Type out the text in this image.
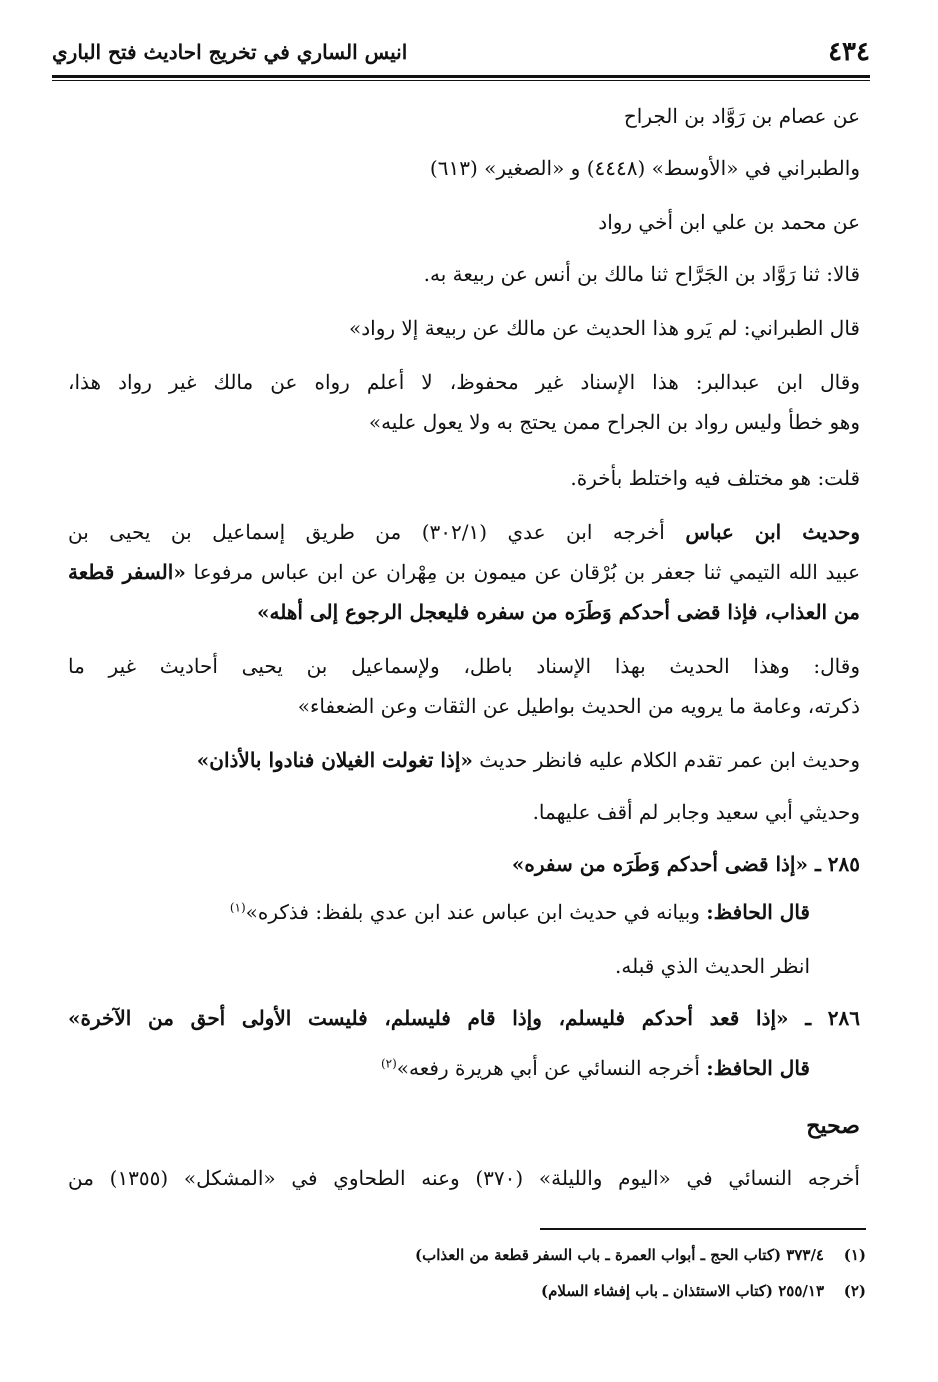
انيس الساري في تخريج احاديث فتح الباري	٤٣٤
عن عصام بن رَوَّاد بن الجراح
والطبراني في «الأوسط» (٤٤٤٨) و «الصغير» (٦١٣)
عن محمد بن علي ابن أخي رواد
قالا: ثنا رَوَّاد بن الجَرَّاح ثنا مالك بن أنس عن ربيعة به.
قال الطبراني: لم يَرو هذا الحديث عن مالك عن ربيعة إلا رواد»
وقال ابن عبدالبر: هذا الإسناد غير محفوظ، لا أعلم رواه عن مالك غير رواد هذا،
وهو خطأ وليس رواد بن الجراح ممن يحتج به ولا يعول عليه»
قلت: هو مختلف فيه واختلط بأخرة.
وحديث ابن عباس أخرجه ابن عدي (٣٠٢/١) من طريق إسماعيل بن يحيى بن
عبيد الله التيمي ثنا جعفر بن بُرْقان عن ميمون بن مِهْران عن ابن عباس مرفوعا «السفر قطعة
من العذاب، فإذا قضى أحدكم وَطَرَه من سفره فليعجل الرجوع إلى أهله»
وقال: وهذا الحديث بهذا الإسناد باطل، ولإسماعيل بن يحيى أحاديث غير ما
ذكرته، وعامة ما يرويه من الحديث بواطيل عن الثقات وعن الضعفاء»
وحديث ابن عمر تقدم الكلام عليه فانظر حديث «إذا تغولت الغيلان فنادوا بالأذان»
وحديثي أبي سعيد وجابر لم أقف عليهما.
٢٨٥ ـ «إذا قضى أحدكم وَطَرَه من سفره»
قال الحافظ: وبيانه في حديث ابن عباس عند ابن عدي بلفظ: فذكره»$^{(١)}$
انظر الحديث الذي قبله.
٢٨٦ ـ «إذا قعد أحدكم فليسلم، وإذا قام فليسلم، فليست الأولى أحق من الآخرة»
قال الحافظ: أخرجه النسائي عن أبي هريرة رفعه»$^{(٢)}$
صحيح
أخرجه النسائي في «اليوم والليلة» (٣٧٠) وعنه الطحاوي في «المشكل» (١٣٥٥) من
(١)٣٧٣/٤ (كتاب الحج ـ أبواب العمرة ـ باب السفر قطعة من العذاب)
(٢)٢٥٥/١٣ (كتاب الاستئذان ـ باب إفشاء السلام)
